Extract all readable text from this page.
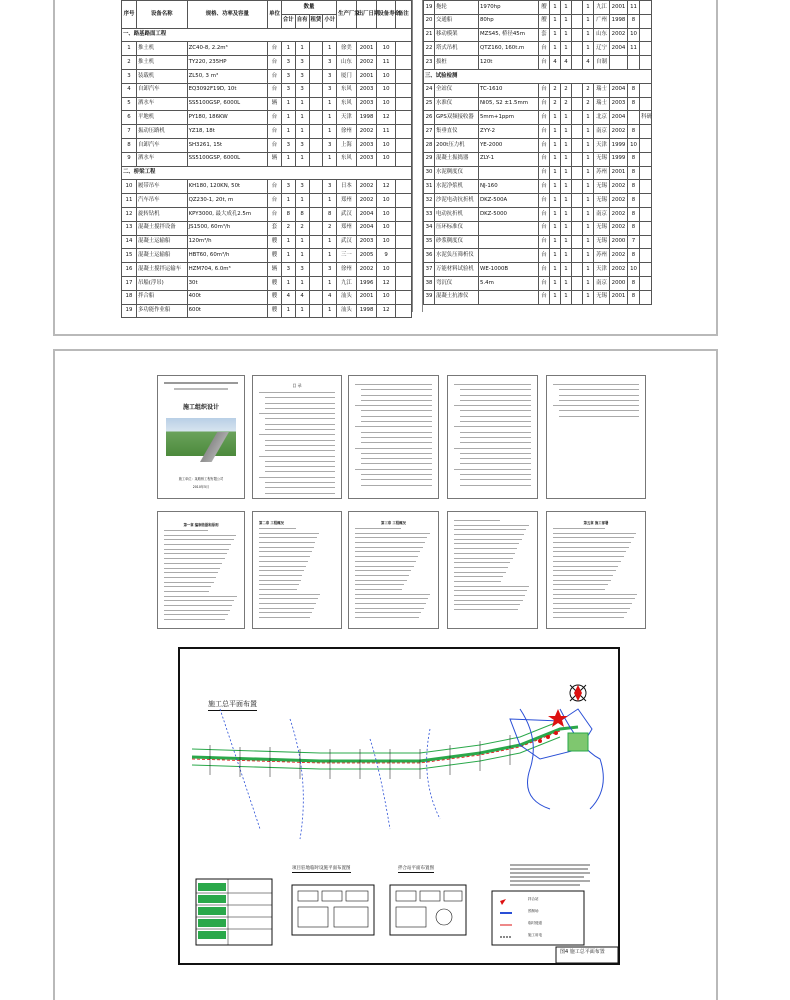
序号	设备名称	规格、功率及容量	单位	数量				生产厂家	出厂日期	设备寿命	备注
				合计	自有	租赁	小计				
一、路基路面工程											
1	推土机	ZC40-8, 2.2m³	台	1	1		1	徐美	2001	10	
2	推土机	TY220, 235HP	台	3	3		3	山东	2002	11	
3	装载机	ZL50, 3 m³	台	3	3		3	厦门	2001	10	
4	自卸汽车	EQ3092F19D, 10t	台	3	3		3	东风	2003	10	
5	洒水车	SS5100GSP, 6000L	辆	1	1		1	东风	2003	10	
6	平地机	PY180, 186KW	台	1	1		1	天津	1998	12	
7	振动压路机	YZ18, 18t	台	1	1		1	徐州	2002	11	
8	自卸汽车	SH3261, 15t	台	3	3		3	上海	2003	10	
9	洒水车	SS5100GSP, 6000L	辆	1	1		1	东风	2003	10	
二、桥梁工程											
10	履带吊车	KH180, 120KN, 50t	台	3	3		3	日本	2002	12	
11	汽车吊车	QZ230-1, 20t, m	台	1	1		1	郑州	2002	10	
12	旋转钻机	KPY3000, 最大成孔2.5m	台	8	8		8	武汉	2004	10	
13	混凝土搅拌设备	JS1500, 60m³/h	套	2	2		2	郑州	2004	10	
14	混凝土运输船	120m³/h	艘	1	1		1	武汉	2003	10	
15	混凝土运输船	HBT60, 60m³/h	艘	1	1		1	三一	2005	9	
16	混凝土搅拌运输车	HZM704, 6.0m³	辆	3	3		3	徐州	2002	10	
17	吊船(浮吊)	30t	艘	1	1		1	九江	1996	12	
18	拌合船	400t	艘	4	4		4	汕头	2001	10	
19	多功能作业船	600t	艘	1	1		1	汕头	1998	12	
19	拖轮	1970hp	艘	1	1		1	九江	2001	11	
20	交通船	80hp	艘	1	1		1	广州	1998	8	
21	移动模架	MZS45, 桥径45m	套	1	1		1	山东	2002	10	
22	塔式吊机	QTZ160, 160t.m	台	1	1		1	辽宁	2004	11	
23	拔桩	120t	台	4	4		4	自制			
三、试验检测											
24	全站仪	TC-1610	台	2	2		2	瑞士	2004	8	
25	水准仪	Ni05, S2 ±1.5mm	台	2	2		2	瑞士	2003	8	
26	GPS双频接收器	5mm+1ppm	台	1	1		1	北京	2004		科研
27	集垂直仪	ZYY-2	台	1	1		1	南京	2002	8	
28	200t压力机	YE-2000	台	1	1		1	天津	1999	10	
29	混凝土振捣器	ZLY-1	台	1	1		1	无锡	1999	8	
30	水泥稠度仪		台	1	1		1	苏州	2001	8	
31	水泥净浆机	NJ-160	台	1	1		1	无锡	2002	8	
32	沙泥电动抗折机	DKZ-500A	台	1	1		1	无锡	2002	8	
33	电动抗折机	DKZ-5000	台	1	1		1	南京	2002	8	
34	压环标准仪		台	1	1		1	无锡	2002	8	
35	砂浆稠度仪		台	1	1		1	无锡	2000	7	
36	水泥负压筛析仪		台	1	1		1	苏州	2002	8	
37	万能材料试验机	WE-1000B	台	1	1		1	天津	2002	10	
38	弯沉仪	5.4m	台	1	1		1	南京	2000	8	
39	混凝土抗渗仪		台	1	1		1	无锡	2001	8	
施工组织设计
施工单位：某路桥工程有限公司
2010年5月
目 录
第一章 编制依据和原则	第二章 工程概况	第三章 工程概况	第五章 施工部署
施工总平面布置
项目驻地临时设施平面布置图	拌合站平面布置图
拌合站
预制场
临时便道
施工用电
图4 施工总平面布置
